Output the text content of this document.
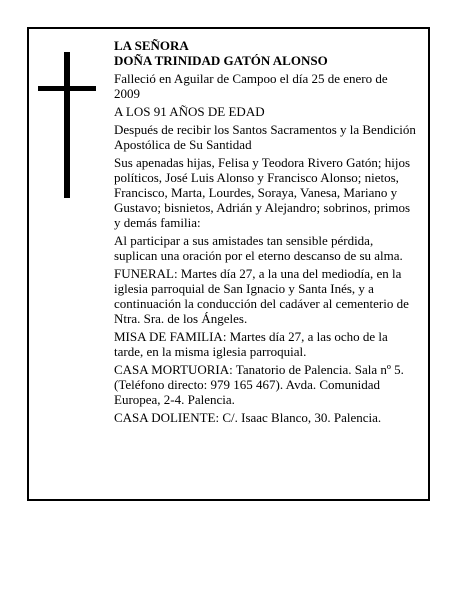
LA SEÑORA

DOÑA TRINIDAD GATÓN ALONSO

Falleció en Aguilar de Campoo el día 25 de enero de 2009

A LOS 91 AÑOS DE EDAD

Después de recibir los Santos Sacramentos y la Bendición Apostólica de Su Santidad

Sus apenadas hijas, Felisa y Teodora Rivero Gatón; hijos políticos, José Luis Alonso y Francisco Alonso; nietos, Francisco, Marta, Lourdes, Soraya, Vanesa, Mariano y Gustavo; bisnietos, Adrián y Alejandro; sobrinos, primos y demás familia:

Al participar a sus amistades tan sensible pérdida, suplican una oración por el eterno descanso de su alma.

FUNERAL: Martes día 27, a la una del mediodía, en la iglesia parroquial de San Ignacio y Santa Inés, y a continuación la conducción del cadáver al cementerio de Ntra. Sra. de los Ángeles.

MISA DE FAMILIA: Martes día 27, a las ocho de la tarde, en la misma iglesia parroquial.

CASA MORTUORIA: Tanatorio de Palencia. Sala nº 5. (Teléfono directo: 979 165 467). Avda. Comunidad Europea, 2-4. Palencia.

CASA DOLIENTE: C/. Isaac Blanco, 30. Palencia.
